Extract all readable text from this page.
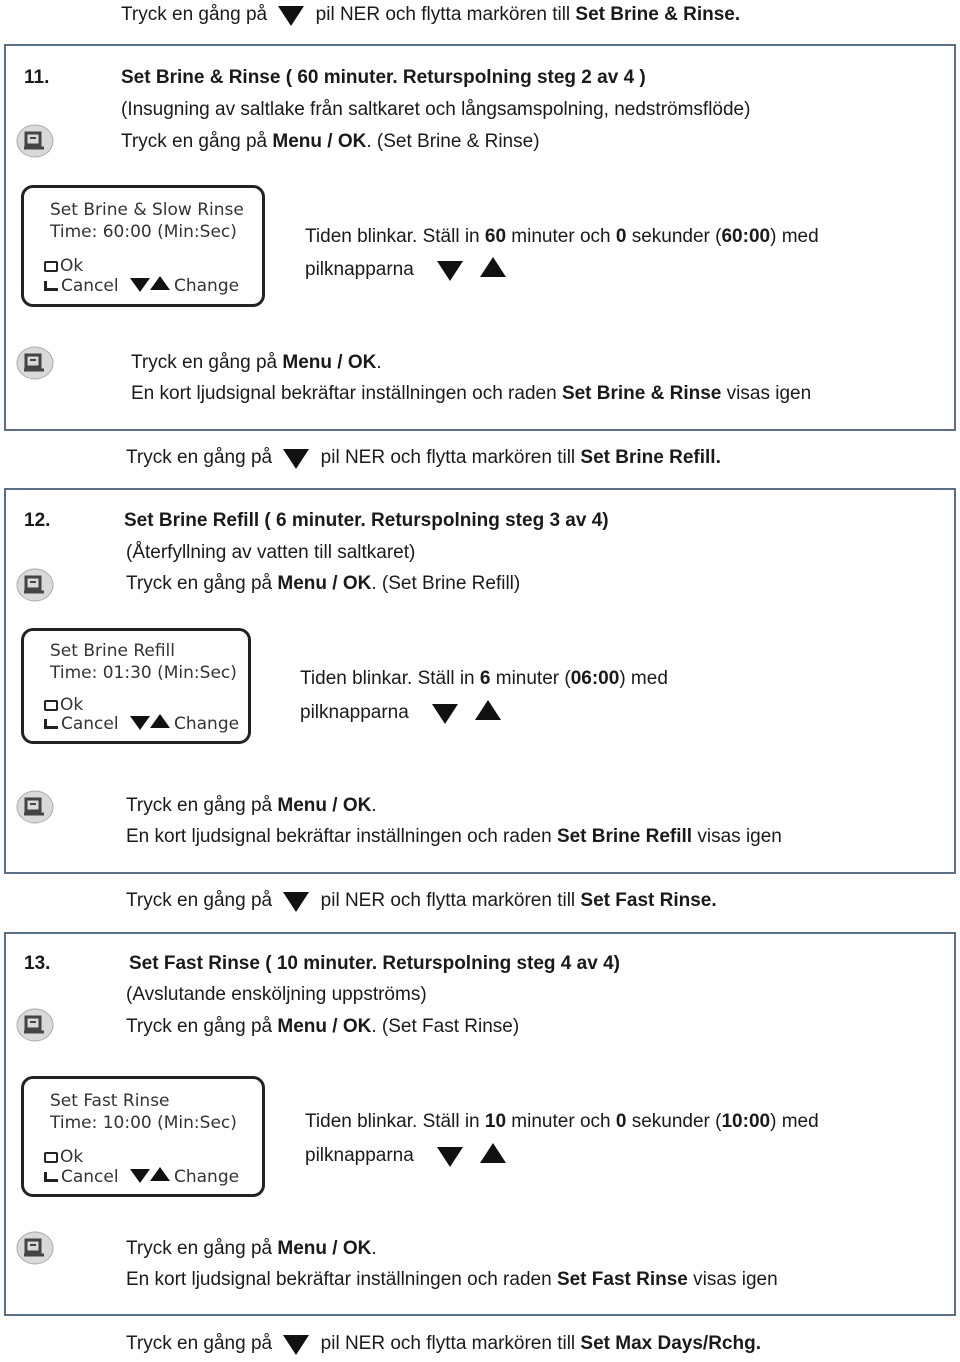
Tryck en gång på	pil NER och flytta markören till Set Brine & Rinse.
11.	Set Brine & Rinse ( 60 minuter. Returspolning steg 2 av 4 )
(Insugning av saltlake från saltkaret och långsamspolning, nedströmsflöde)
Tryck en gång på Menu / OK. (Set Brine & Rinse)
Set Brine & Slow Rinse
Time: 60:00 (Min:Sec)
Ok
Cancel	Change
Tiden blinkar. Ställ in 60 minuter och 0 sekunder (60:00) med
pilknapparna
Tryck en gång på Menu / OK.
En kort ljudsignal bekräftar inställningen och raden Set Brine & Rinse visas igen
Tryck en gång på	pil NER och flytta markören till Set Brine Refill.
12.	Set Brine Refill ( 6 minuter. Returspolning steg 3 av 4)
(Återfyllning av vatten till saltkaret)
Tryck en gång på Menu / OK. (Set Brine Refill)
Set Brine Refill
Time: 01:30 (Min:Sec)
Ok
Cancel	Change
Tiden blinkar. Ställ in 6 minuter (06:00) med
pilknapparna
Tryck en gång på Menu / OK.
En kort ljudsignal bekräftar inställningen och raden Set Brine Refill visas igen
Tryck en gång på	pil NER och flytta markören till Set Fast Rinse.
13.	Set Fast Rinse ( 10 minuter. Returspolning steg 4 av 4)
(Avslutande ensköljning uppströms)
Tryck en gång på Menu / OK. (Set Fast Rinse)
Set Fast Rinse
Time: 10:00 (Min:Sec)
Ok
Cancel	Change
Tiden blinkar. Ställ in 10 minuter och 0 sekunder (10:00) med
pilknapparna
Tryck en gång på Menu / OK.
En kort ljudsignal bekräftar inställningen och raden Set Fast Rinse visas igen
Tryck en gång på	pil NER och flytta markören till Set Max Days/Rchg.
